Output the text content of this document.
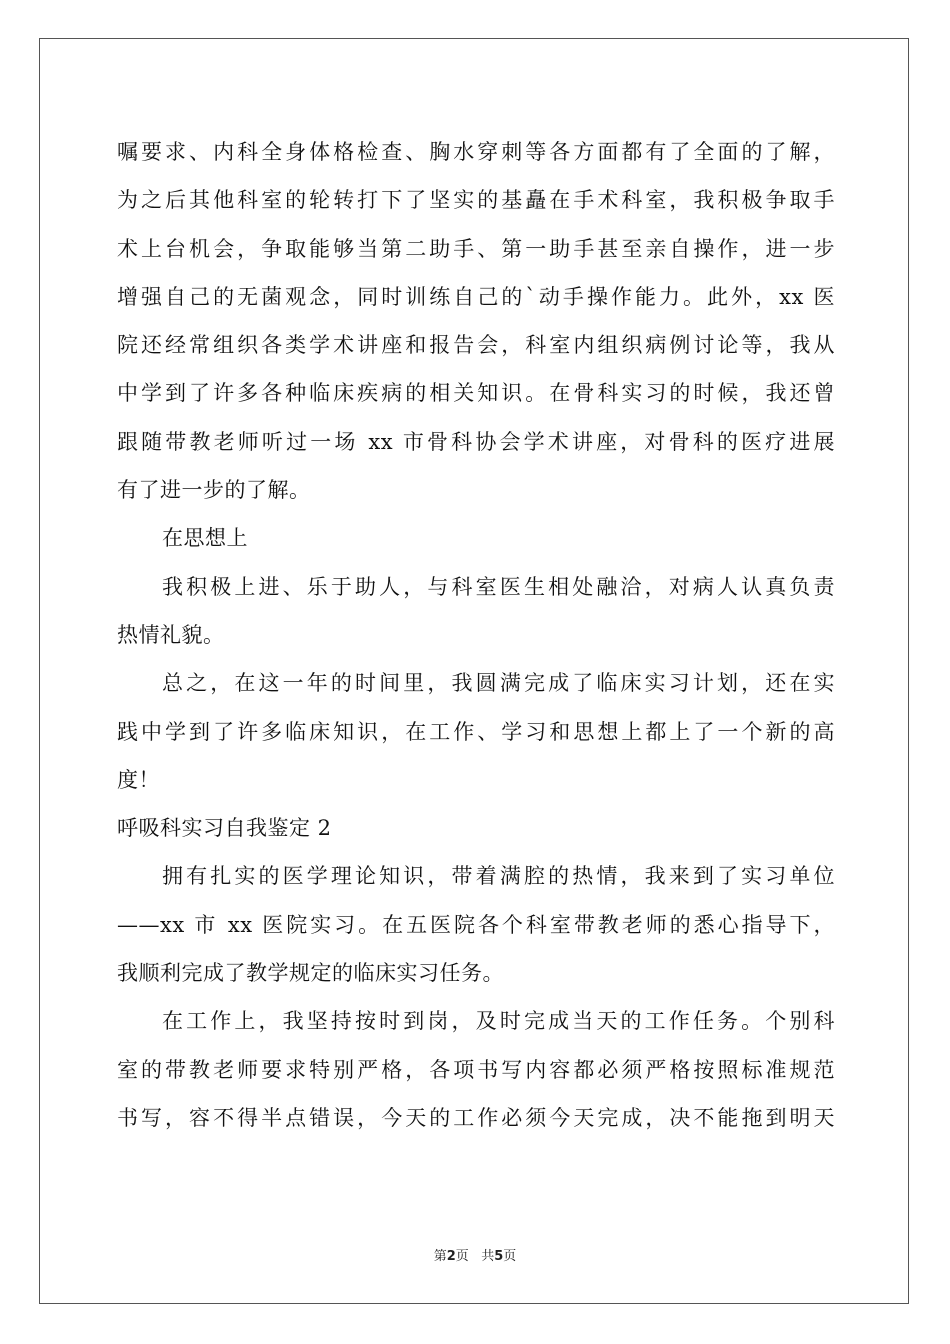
嘱要求、内科全身体格检查、胸水穿刺等各方面都有了全面的了解，
为之后其他科室的轮转打下了坚实的基矗在手术科室，我积极争取手
术上台机会，争取能够当第二助手、第一助手甚至亲自操作，进一步
增强自己的无菌观念，同时训练自己的`动手操作能力。此外，xx 医
院还经常组织各类学术讲座和报告会，科室内组织病例讨论等，我从
中学到了许多各种临床疾病的相关知识。在骨科实习的时候，我还曾
跟随带教老师听过一场 xx 市骨科协会学术讲座，对骨科的医疗进展
有了进一步的了解。
在思想上
我积极上进、乐于助人，与科室医生相处融洽，对病人认真负责
热情礼貌。
总之，在这一年的时间里，我圆满完成了临床实习计划，还在实
践中学到了许多临床知识，在工作、学习和思想上都上了一个新的高
度！
呼吸科实习自我鉴定 2
拥有扎实的医学理论知识，带着满腔的热情，我来到了实习单位
——xx 市 xx 医院实习。在五医院各个科室带教老师的悉心指导下，
我顺利完成了教学规定的临床实习任务。
在工作上，我坚持按时到岗，及时完成当天的工作任务。个别科
室的带教老师要求特别严格，各项书写内容都必须严格按照标准规范
书写，容不得半点错误，今天的工作必须今天完成，决不能拖到明天
第2页 共5页
